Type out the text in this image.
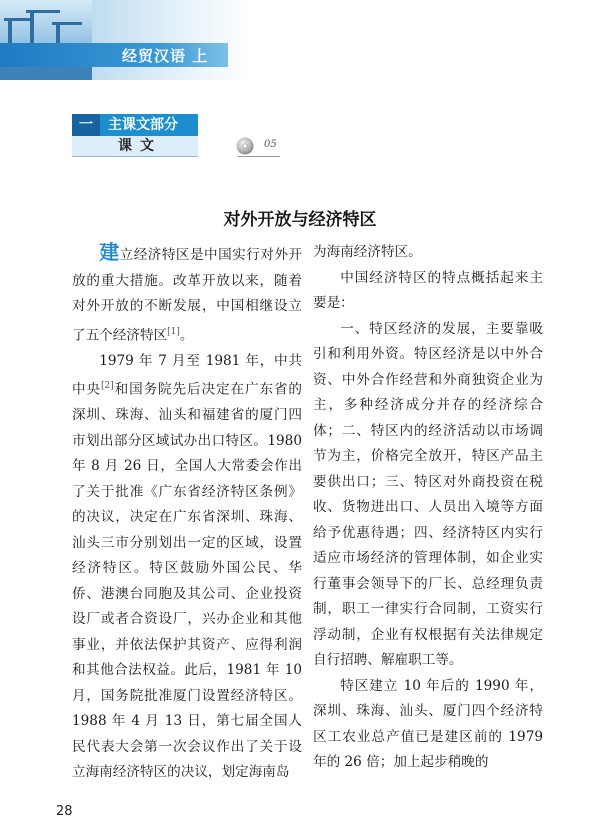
经贸汉语 上
一	主课文部分
课文	05
对外开放与经济特区

建立经济特区是中国实行对外开放的重大措施。改革开放以来，随着对外开放的不断发展，中国相继设立了五个经济特区[1]。

1979 年 7 月至 1981 年，中共中央[2]和国务院先后决定在广东省的深圳、珠海、汕头和福建省的厦门四市划出部分区域试办出口特区。1980 年 8 月 26 日，全国人大常委会作出了关于批准《广东省经济特区条例》的决议，决定在广东省深圳、珠海、汕头三市分别划出一定的区域，设置经济特区。特区鼓励外国公民、华侨、港澳台同胞及其公司、企业投资设厂或者合资设厂，兴办企业和其他事业，并依法保护其资产、应得利润和其他合法权益。此后，1981 年 10 月，国务院批准厦门设置经济特区。1988 年 4 月 13 日，第七届全国人民代表大会第一次会议作出了关于设立海南经济特区的决议，划定海南岛

为海南经济特区。

中国经济特区的特点概括起来主要是：

一、特区经济的发展，主要靠吸引和利用外资。特区经济是以中外合资、中外合作经营和外商独资企业为主，多种经济成分并存的经济综合体；二、特区内的经济活动以市场调节为主，价格完全放开，特区产品主要供出口；三、特区对外商投资在税收、货物进出口、人员出入境等方面给予优惠待遇；四、经济特区内实行适应市场经济的管理体制，如企业实行董事会领导下的厂长、总经理负责制，职工一律实行合同制，工资实行浮动制，企业有权根据有关法律规定自行招聘、解雇职工等。

特区建立 10 年后的 1990 年，深圳、珠海、汕头、厦门四个经济特区工农业总产值已是建区前的 1979 年的 26 倍；加上起步稍晚的

28
